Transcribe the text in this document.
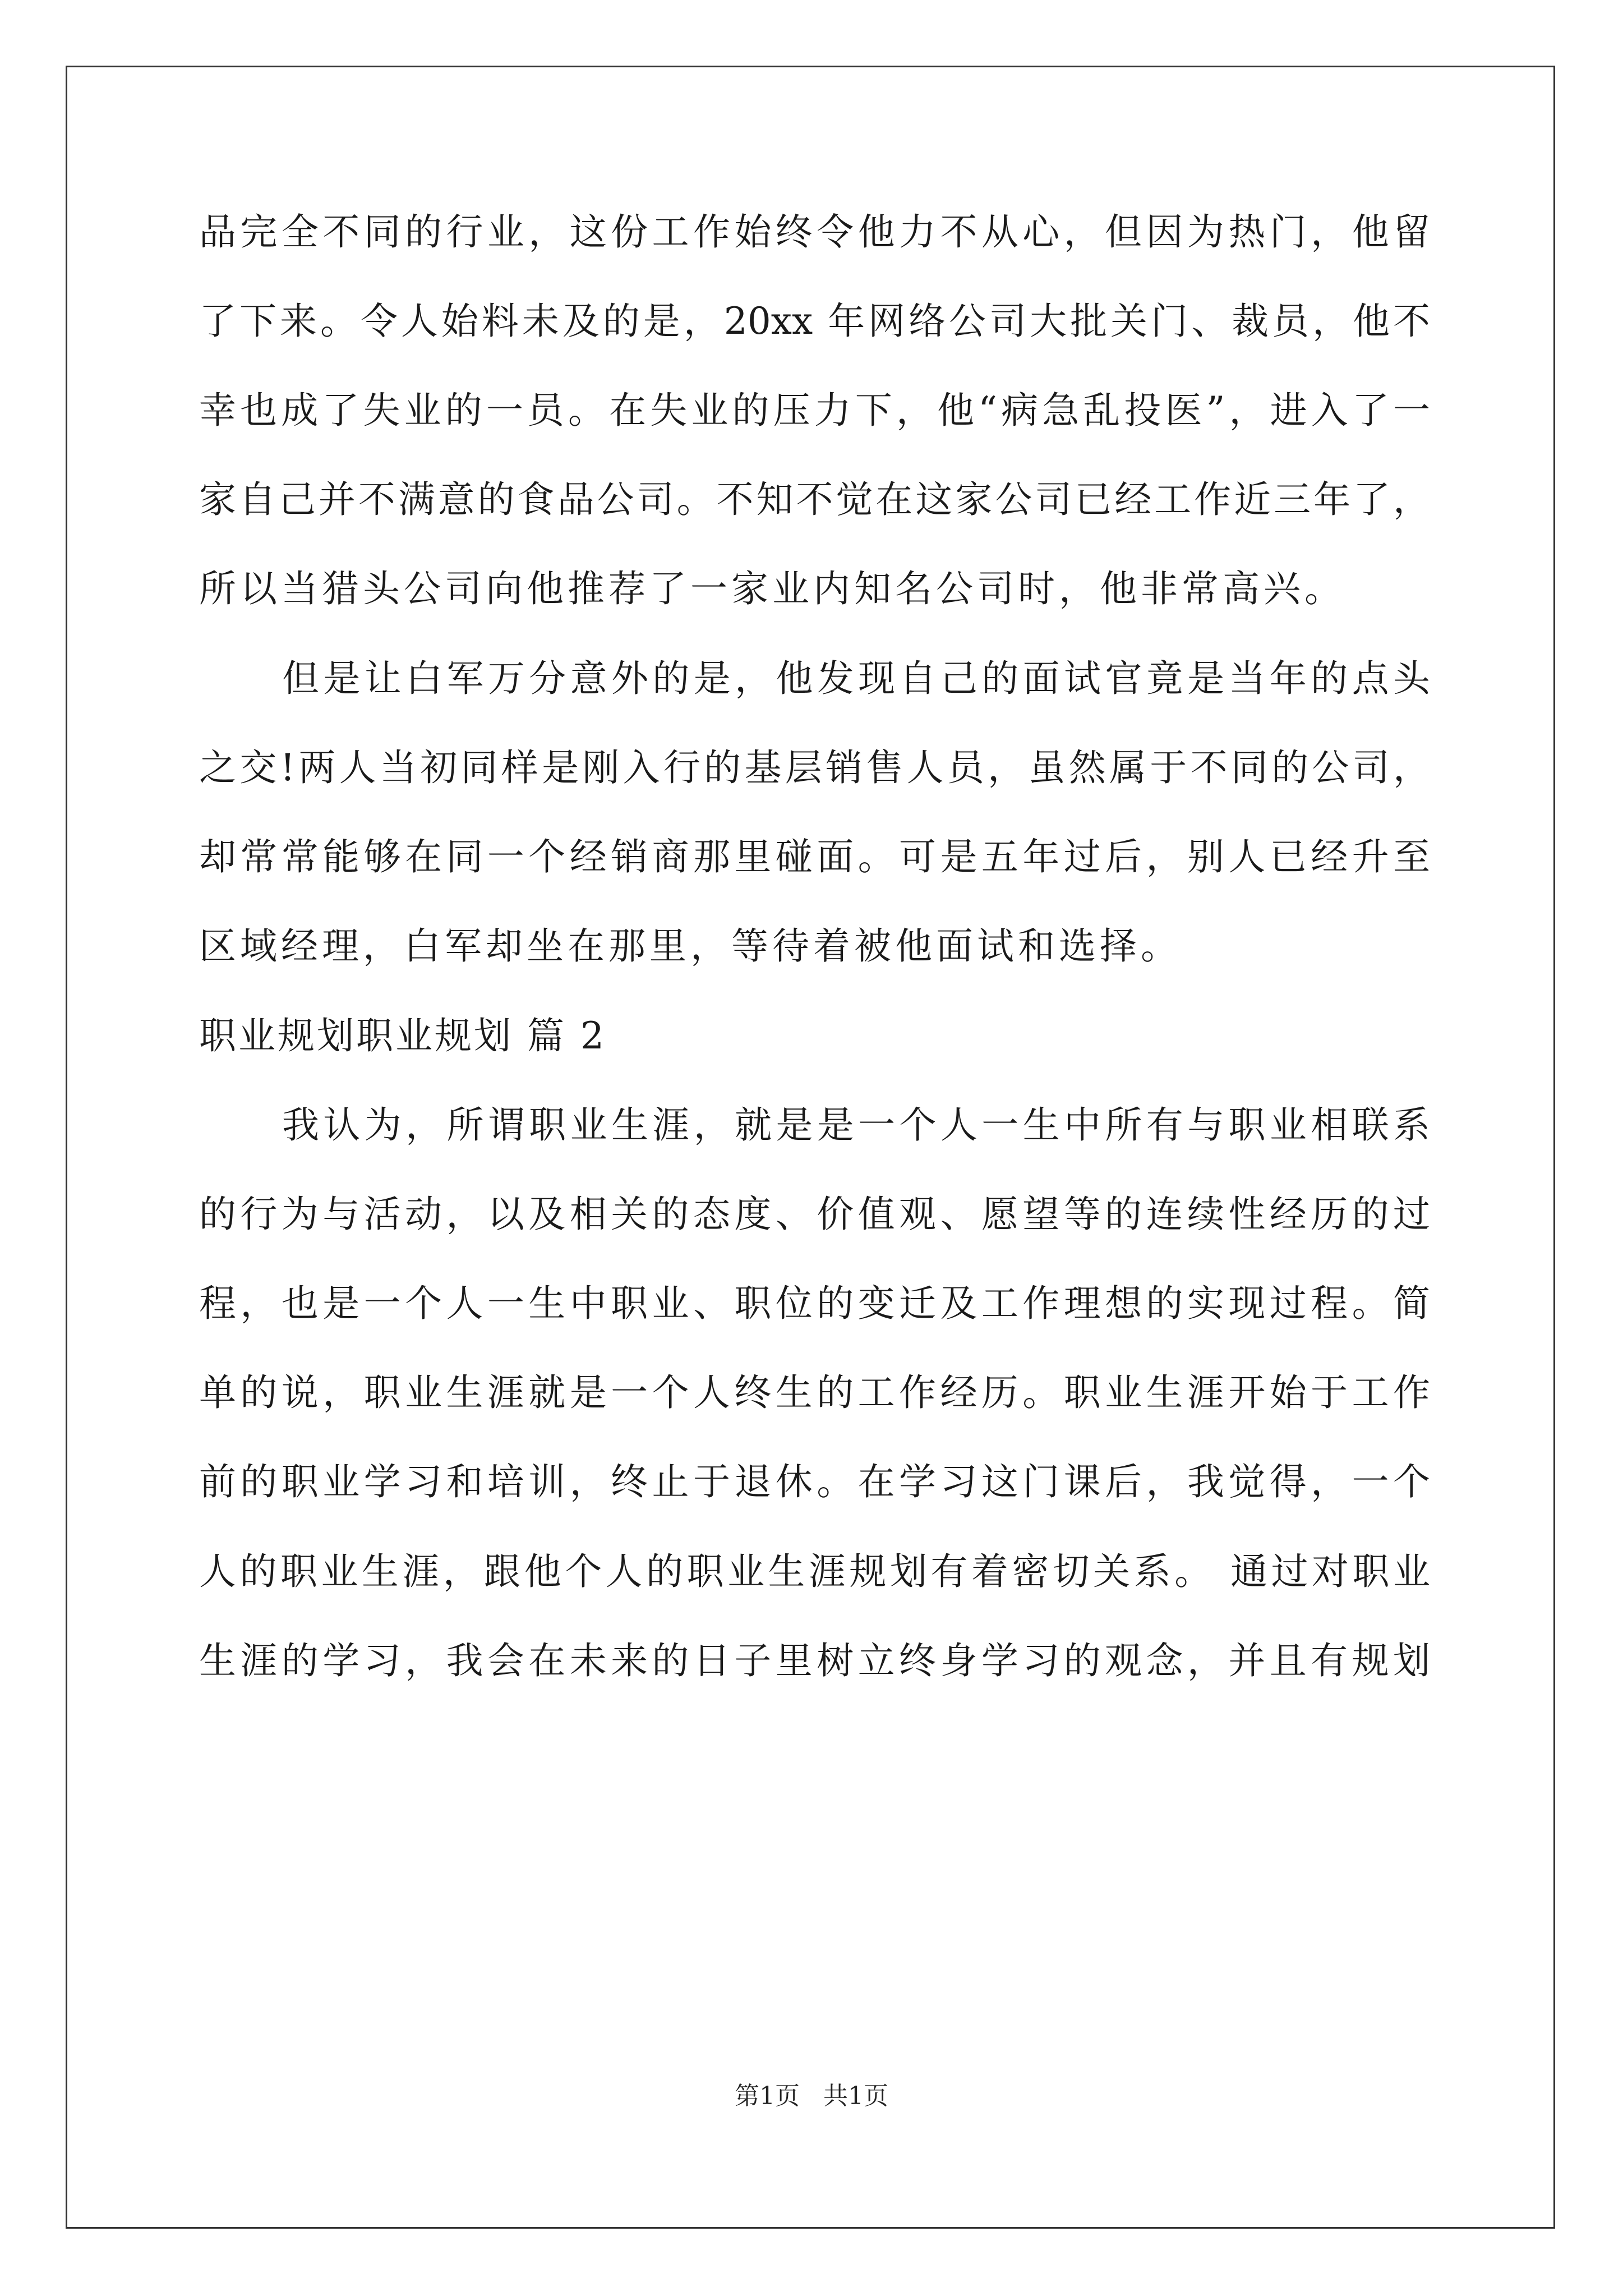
品完全不同的行业，这份工作始终令他力不从心，但因为热门，他留
了下来。令人始料未及的是，20xx 年网络公司大批关门、裁员，他不
幸也成了失业的一员。在失业的压力下，他“病急乱投医”，进入了一
家自己并不满意的食品公司。不知不觉在这家公司已经工作近三年了，
所以当猎头公司向他推荐了一家业内知名公司时，他非常高兴。
但是让白军万分意外的是，他发现自己的面试官竟是当年的点头
之交!两人当初同样是刚入行的基层销售人员，虽然属于不同的公司，
却常常能够在同一个经销商那里碰面。可是五年过后，别人已经升至
区域经理，白军却坐在那里，等待着被他面试和选择。
职业规划职业规划 篇 2
我认为，所谓职业生涯，就是是一个人一生中所有与职业相联系
的行为与活动，以及相关的态度、价值观、愿望等的连续性经历的过
程，也是一个人一生中职业、职位的变迁及工作理想的实现过程。简
单的说，职业生涯就是一个人终生的工作经历。职业生涯开始于工作
前的职业学习和培训，终止于退休。在学习这门课后，我觉得，一个
人的职业生涯，跟他个人的职业生涯规划有着密切关系。 通过对职业
生涯的学习，我会在未来的日子里树立终身学习的观念，并且有规划
第1页 共1页
